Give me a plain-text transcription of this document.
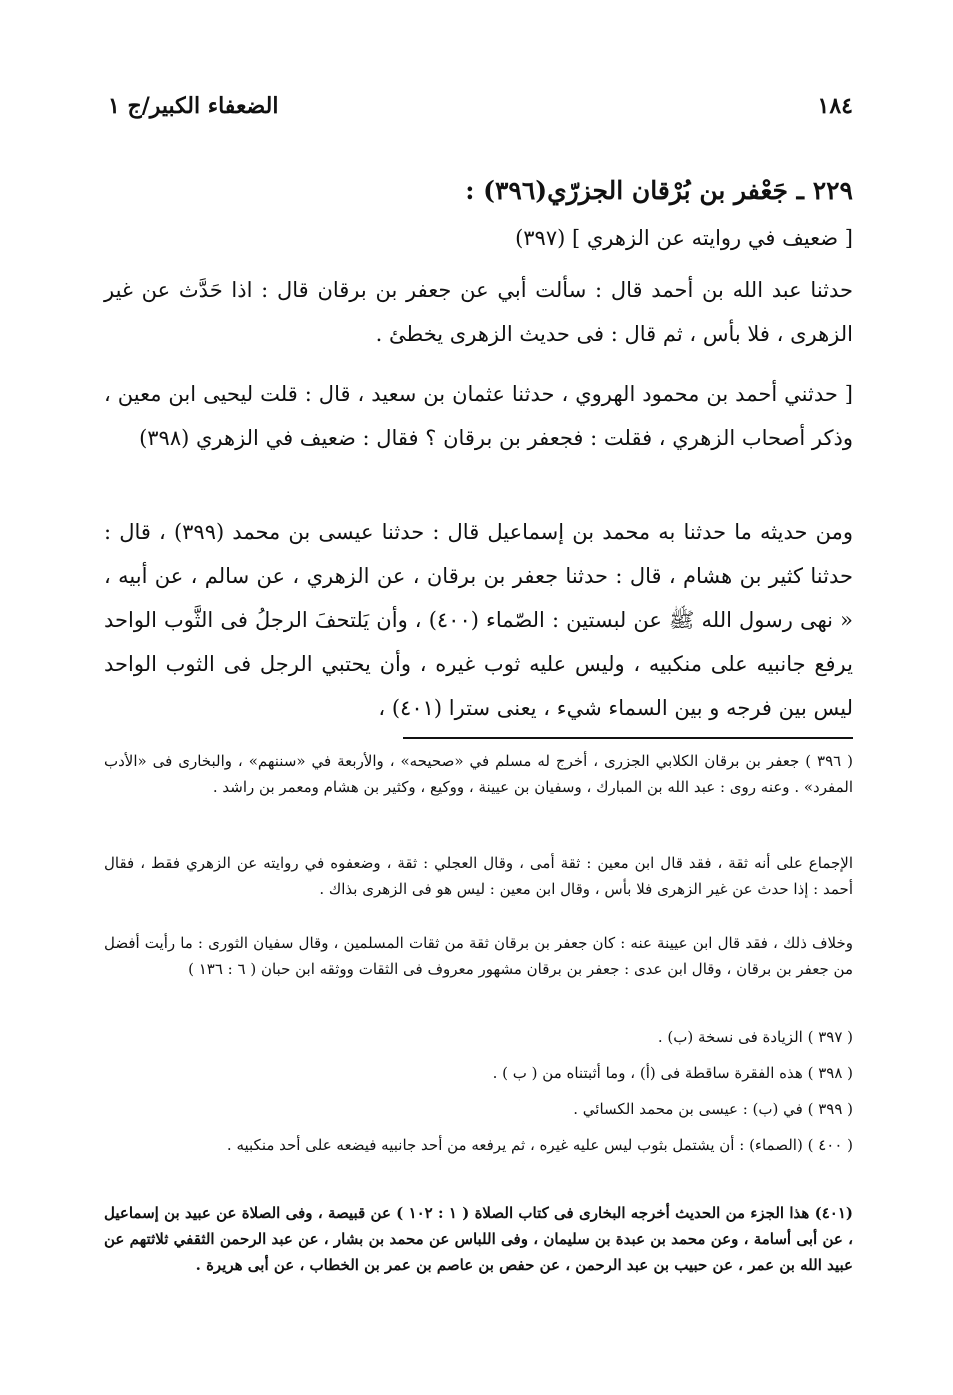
١٨٤
الضعفاء الكبير/ج ١
٢٢٩ ـ جَعْفر بن بُرْقان الجزرّي(٣٩٦) :
[ ضعيف في روايته عن الزهري ] (٣٩٧)

حدثنا عبد الله بن أحمد قال : سألت أبي عن جعفر بن برقان قال : اذا حَدَّث عن غير الزهرى ، فلا بأس ، ثم قال : فى حديث الزهرى يخطئ .

[ حدثني أحمد بن محمود الهروي ، حدثنا عثمان بن سعيد ، قال : قلت ليحيى ابن معين ، وذكر أصحاب الزهري ، فقلت : فجعفر بن برقان ؟ فقال : ضعيف في الزهري (٣٩٨)

ومن حديثه ما حدثنا به محمد بن إسماعيل قال : حدثنا عيسى بن محمد (٣٩٩) ، قال : حدثنا كثير بن هشام ، قال : حدثنا جعفر بن برقان ، عن الزهري ، عن سالم ، عن أبيه ، « نهى رسول الله ﷺ عن لبستين : الصّماء (٤٠٠) ، وأن يَلتحفَ الرجلُ فى الثَّوب الواحد يرفع جانبيه على منكبيه ، وليس عليه ثوب غيره ، وأن يحتبي الرجل فى الثوب الواحد ليس بين فرجه و بين السماء شيء ، يعنى سترا (٤٠١) ،

( ٣٩٦ ) جعفر بن برقان الكلابي الجزرى ، أخرج له مسلم في «صحيحه» ، والأربعة في «سننهم» ، والبخارى فى «الأدب المفرد» . وعنه روى : عبد الله بن المبارك ، وسفيان بن عيينة ، ووكيع ، وكثير بن هشام ومعمر بن راشد .

الإجماع على أنه ثقة ، فقد قال ابن معين : ثقة أمى ، وقال العجلي : ثقة ، وضعفوه في روايته عن الزهري فقط ، فقال أحمد : إذا حدث عن غير الزهرى فلا بأس ، وقال ابن معين : ليس هو فى الزهرى بذاك .

وخلاف ذلك ، فقد قال ابن عيينة عنه : كان جعفر بن برقان ثقة من ثقات المسلمين ، وقال سفيان الثورى : ما رأيت أفضل من جعفر بن برقان ، وقال ابن عدى : جعفر بن برقان مشهور معروف فى الثقات ووثقه ابن حبان ( ٦ : ١٣٦ )

( ٣٩٧ ) الزيادة فى نسخة (ب) .

( ٣٩٨ ) هذه الفقرة ساقطة فى (أ) ، وما أثبتناه من ( ب ) .

( ٣٩٩ ) في (ب) : عيسى بن محمد الكسائي .

( ٤٠٠ ) (الصماء) : أن يشتمل بثوب ليس عليه غيره ، ثم يرفعه من أحد جانبيه فيضعه على أحد منكبيه .

(٤٠١) هذا الجزء من الحديث أخرجه البخارى فى كتاب الصلاة ( ١ : ١٠٢ ) عن قبيصة ، وفى الصلاة عن عبيد بن إسماعيل ، عن أبى أسامة ، وعن محمد بن عبدة بن سليمان ، وفى اللباس عن محمد بن بشار ، عن عبد الرحمن الثقفي ثلاثتهم عن عبيد الله بن عمر ، عن حبيب بن عبد الرحمن ، عن حفص بن عاصم بن عمر بن الخطاب ، عن أبى هريرة .
